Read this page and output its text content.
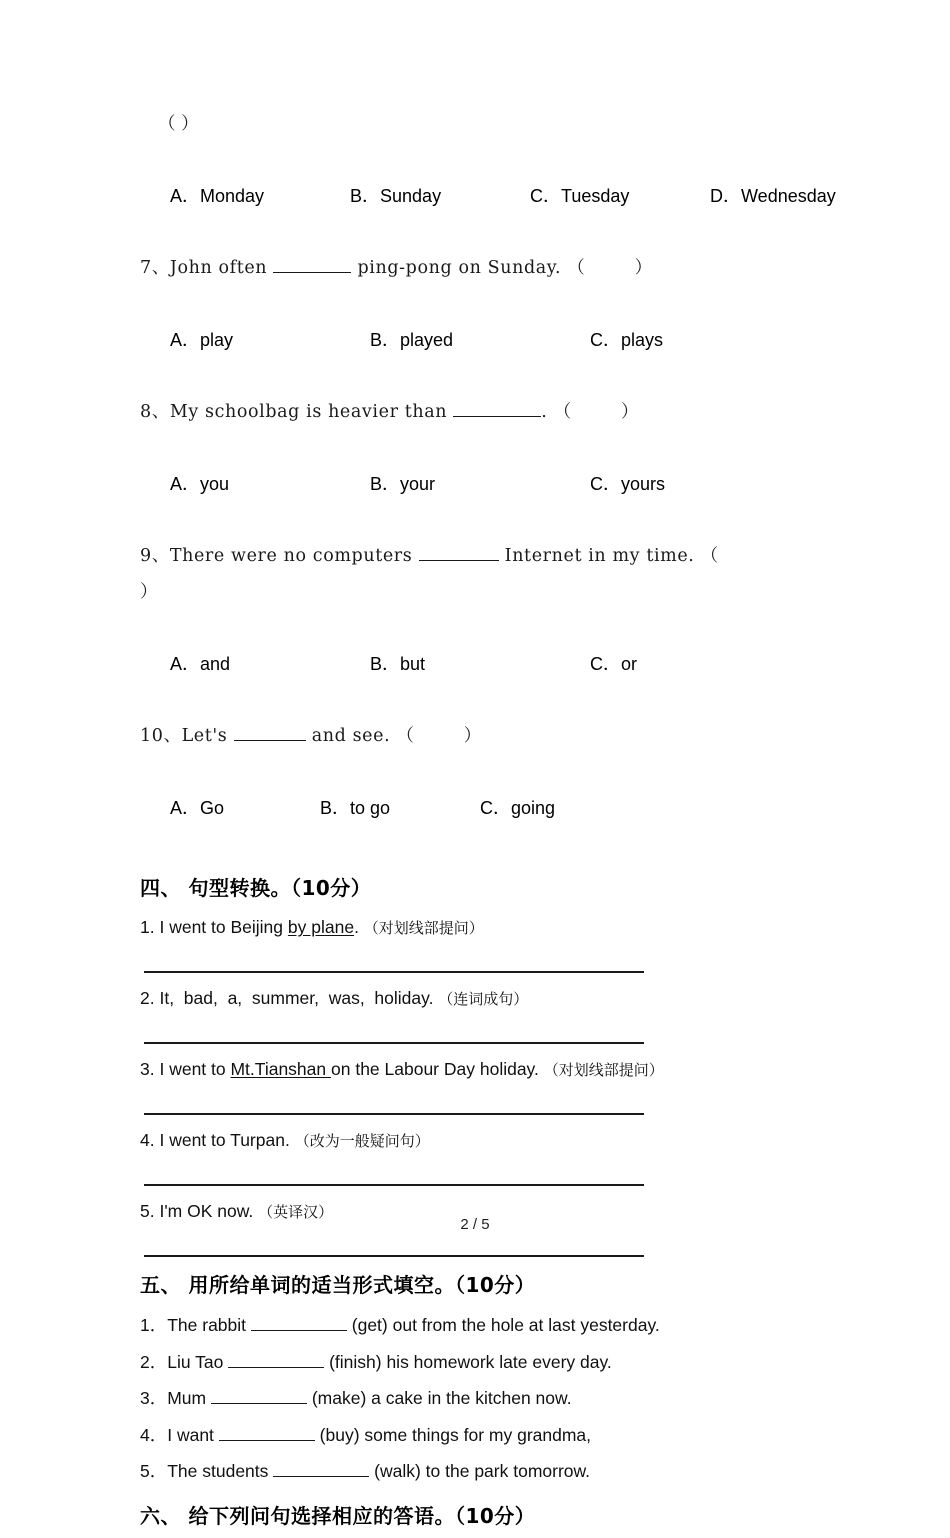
（ ）

A．Monday	B．Sunday	C．Tuesday	D．Wednesday

7、John often	ping-pong on Sunday. （        ）

A．play	B．played	C．plays

8、My schoolbag is heavier than	. （        ）

A．you	B．your	C．yours

9、There were no computers	Internet in my time. （

）

A．and	B．but	C．or

10、Let's	and see. （        ）

A．Go	B．to go	C．going

四、 句型转换。（10分）

1. I went to Beijing by plane. （对划线部提问）

2. It,  bad,  a,  summer,  was,  holiday. （连词成句）

3. I went to Mt.Tianshan on the Labour Day holiday. （对划线部提问）

4. I went to Turpan. （改为一般疑问句）

5. I'm OK now. （英译汉）

五、 用所给单词的适当形式填空。（10分）

1．The rabbit	(get) out from the hole at last yesterday.

2．Liu Tao	(finish) his homework late every day.

3．Mum	(make) a cake in the kitchen now.

4．I want	(buy) some things for my grandma,

5．The students	(walk) to the park tomorrow.

六、 给下列问句选择相应的答语。（10分）
2 / 5
